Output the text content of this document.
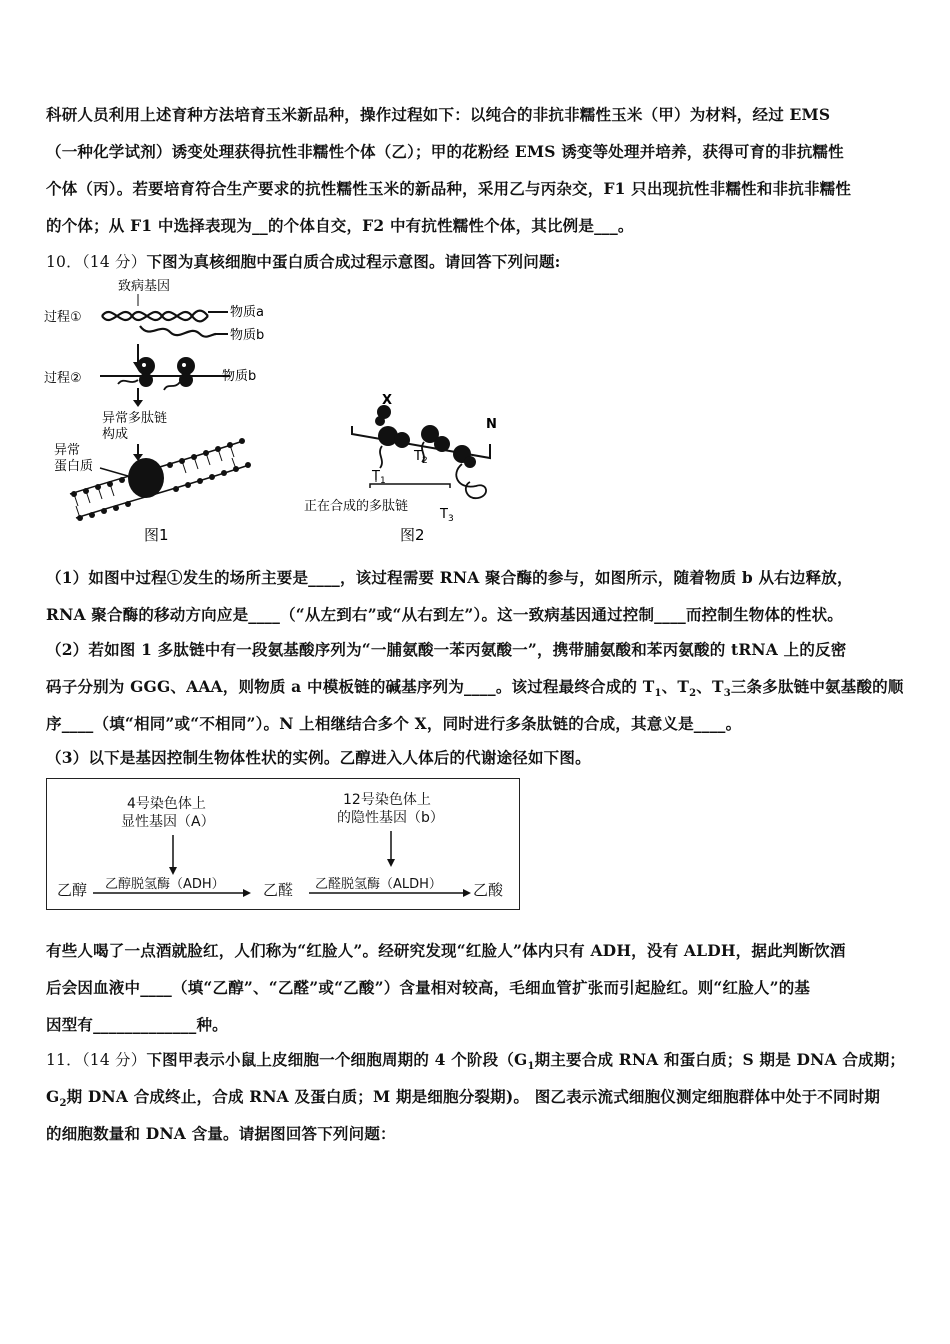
科研人员利用上述育种方法培育玉米新品种，操作过程如下：以纯合的非抗非糯性玉米（甲）为材料，经过 EMS
（一种化学试剂）诱变处理获得抗性非糯性个体（乙）；甲的花粉经 EMS 诱变等处理并培养，获得可育的非抗糯性
个体（丙）。若要培育符合生产要求的抗性糯性玉米的新品种，采用乙与丙杂交，F1 只出现抗性非糯性和非抗非糯性
的个体；从 F1 中选择表现为__的个体自交，F2 中有抗性糯性个体，其比例是___。
10．（14 分）下图为真核细胞中蛋白质合成过程示意图。请回答下列问题:
致病基因
过程①
过程②
物质a
物质b
物质b
异常多肽链
构成
异常
蛋白质
图1
X
N
$T_1$
$T_2$
$T_3$
正在合成的多肽链
图2
（1）如图中过程①发生的场所主要是____，该过程需要 RNA 聚合酶的参与，如图所示，随着物质 b 从右边释放，
RNA 聚合酶的移动方向应是____（“从左到右”或“从右到左”）。这一致病基因通过控制____而控制生物体的性状。
（2）若如图 1 多肽链中有一段氨基酸序列为“一脯氨酸一苯丙氨酸一”，携带脯氨酸和苯丙氨酸的 tRNA 上的反密
码子分别为 GGG、AAA，则物质 a 中模板链的碱基序列为____。该过程最终合成的 $T_1$、$T_2$、$T_3$三条多肽链中氨基酸的顺
序____（填“相同”或“不相同”）。N 上相继结合多个 X，同时进行多条肽链的合成，其意义是____。
（3）以下是基因控制生物体性状的实例。乙醇进入人体后的代谢途径如下图。
4号染色体上
显性基因（A）
12号染色体上
的隐性基因（b）
乙醇 乙醇脱氢酶（ADH）	乙醛 乙醛脱氢酶（ALDH） 乙酸
有些人喝了一点酒就脸红，人们称为“红脸人”。经研究发现“红脸人”体内只有 ADH，没有 ALDH，据此判断饮酒
后会因血液中____（填“乙醇”、“乙醛”或“乙酸”）含量相对较高，毛细血管扩张而引起脸红。则“红脸人”的基
因型有_____________种。
11．（14 分）下图甲表示小鼠上皮细胞一个细胞周期的 4 个阶段（$G_1$期主要合成 RNA 和蛋白质；S 期是 DNA 合成期；
$G_2$期 DNA 合成终止，合成 RNA 及蛋白质；M 期是细胞分裂期)。 图乙表示流式细胞仪测定细胞群体中处于不同时期
的细胞数量和 DNA 含量。请据图回答下列问题：
